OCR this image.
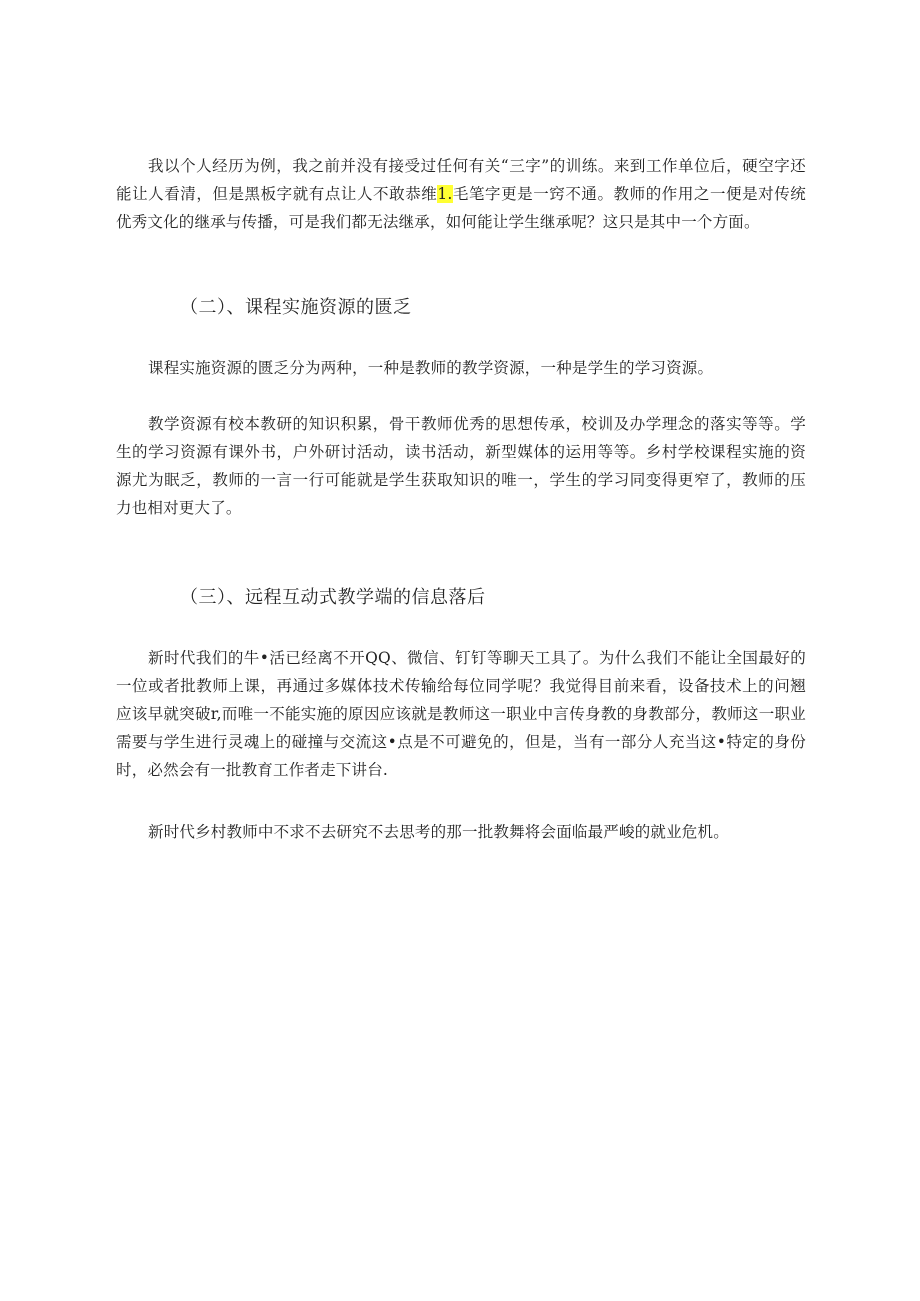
我以个人经历为例，我之前并没有接受过任何有关“三字”的训练。来到工作单位后，硬空字还能让人看清，但是黑板字就有点让人不敢恭维1.毛笔字更是一窍不通。教师的作用之一便是对传统优秀文化的继承与传播，可是我们都无法继承，如何能让学生继承呢？这只是其中一个方面。

（二）、课程实施资源的匮乏

课程实施资源的匮乏分为两种，一种是教师的教学资源，一种是学生的学习资源。

教学资源有校本教研的知识积累，骨干教师优秀的思想传承，校训及办学理念的落实等等。学生的学习资源有课外书，户外研讨活动，读书活动，新型媒体的运用等等。乡村学校课程实施的资源尤为眠乏，教师的一言一行可能就是学生获取知识的唯一，学生的学习同变得更窄了，教师的压力也相对更大了。

（三）、远程互动式教学端的信息落后

新时代我们的牛•活已经离不开QQ、微信、钉钉等聊天工具了。为什么我们不能让全国最好的一位或者批教师上课，再通过多媒体技术传输给每位同学呢？我觉得目前来看，设备技术上的问翘应该早就突破r,而唯一不能实施的原因应该就是教师这一职业中言传身教的身教部分，教师这一职业需要与学生进行灵魂上的碰撞与交流这•点是不可避免的，但是，当有一部分人充当这•特定的身份时，必然会有一批教育工作者走下讲台.

新时代乡村教师中不求不去研究不去思考的那一批教舞将会面临最严峻的就业危机。
